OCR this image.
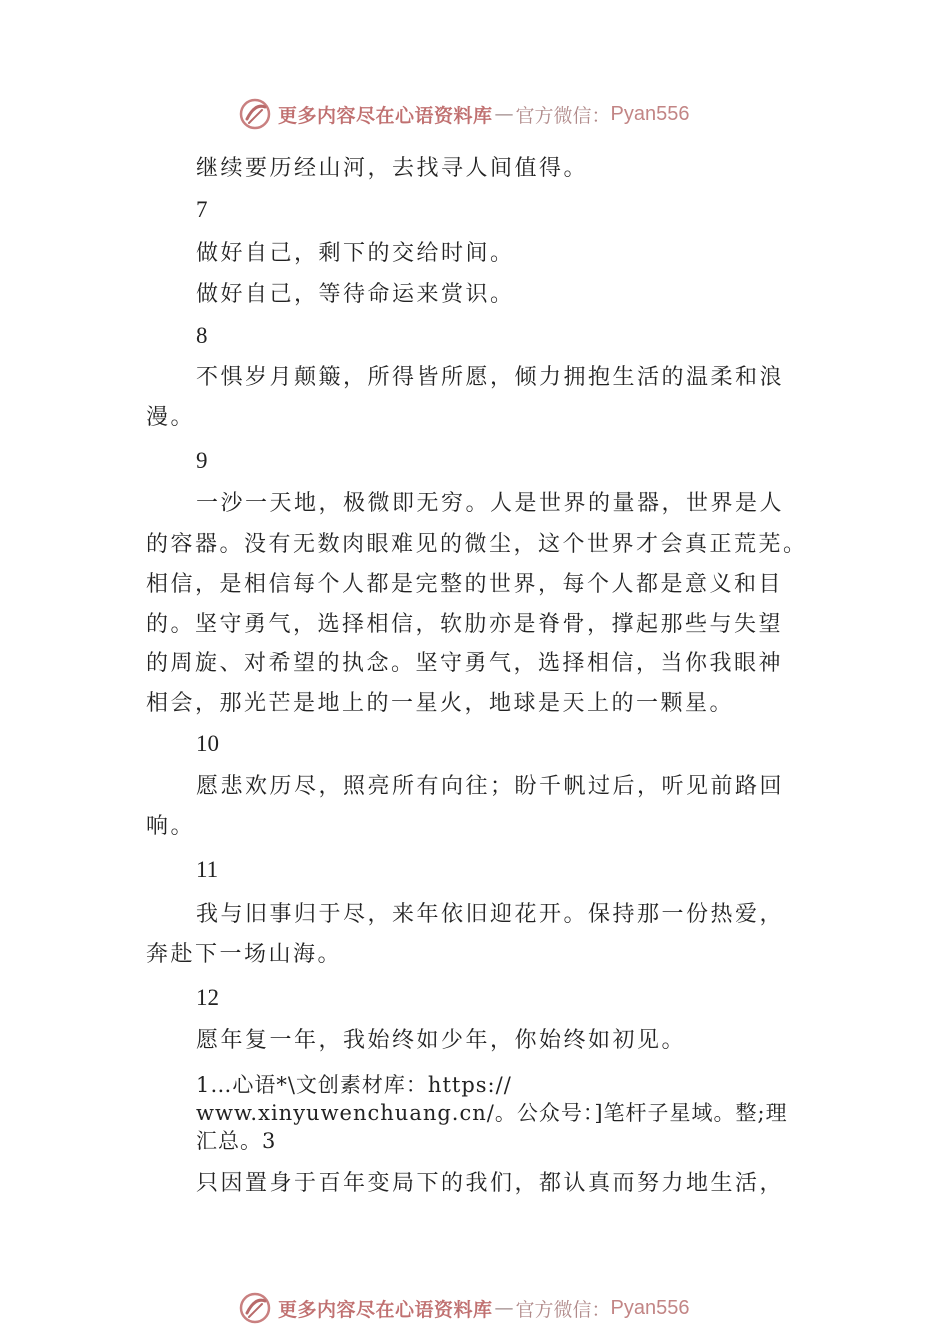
更多内容尽在心语资料库 — 官方微信： Pyan556
继续要历经山河，去找寻人间值得。
7
做好自己，剩下的交给时间。
做好自己，等待命运来赏识。
8
不惧岁月颠簸，所得皆所愿，倾力拥抱生活的温柔和浪
漫。
9
一沙一天地，极微即无穷。人是世界的量器，世界是人
的容器。没有无数肉眼难见的微尘，这个世界才会真正荒芜。
相信，是相信每个人都是完整的世界，每个人都是意义和目
的。坚守勇气，选择相信，软肋亦是脊骨，撑起那些与失望
的周旋、对希望的执念。坚守勇气，选择相信，当你我眼神
相会，那光芒是地上的一星火，地球是天上的一颗星。
10
愿悲欢历尽，照亮所有向往；盼千帆过后，听见前路回
响。
11
我与旧事归于尽，来年依旧迎花开。保持那一份热爱，
奔赴下一场山海。
12
愿年复一年，我始终如少年，你始终如初见。
1…心语*\文创素材库：https://
www.xinyuwenchuang.cn/。公众号：]笔杆子星域。整;理
汇总。3
只因置身于百年变局下的我们，都认真而努力地生活，
更多内容尽在心语资料库 — 官方微信： Pyan556
